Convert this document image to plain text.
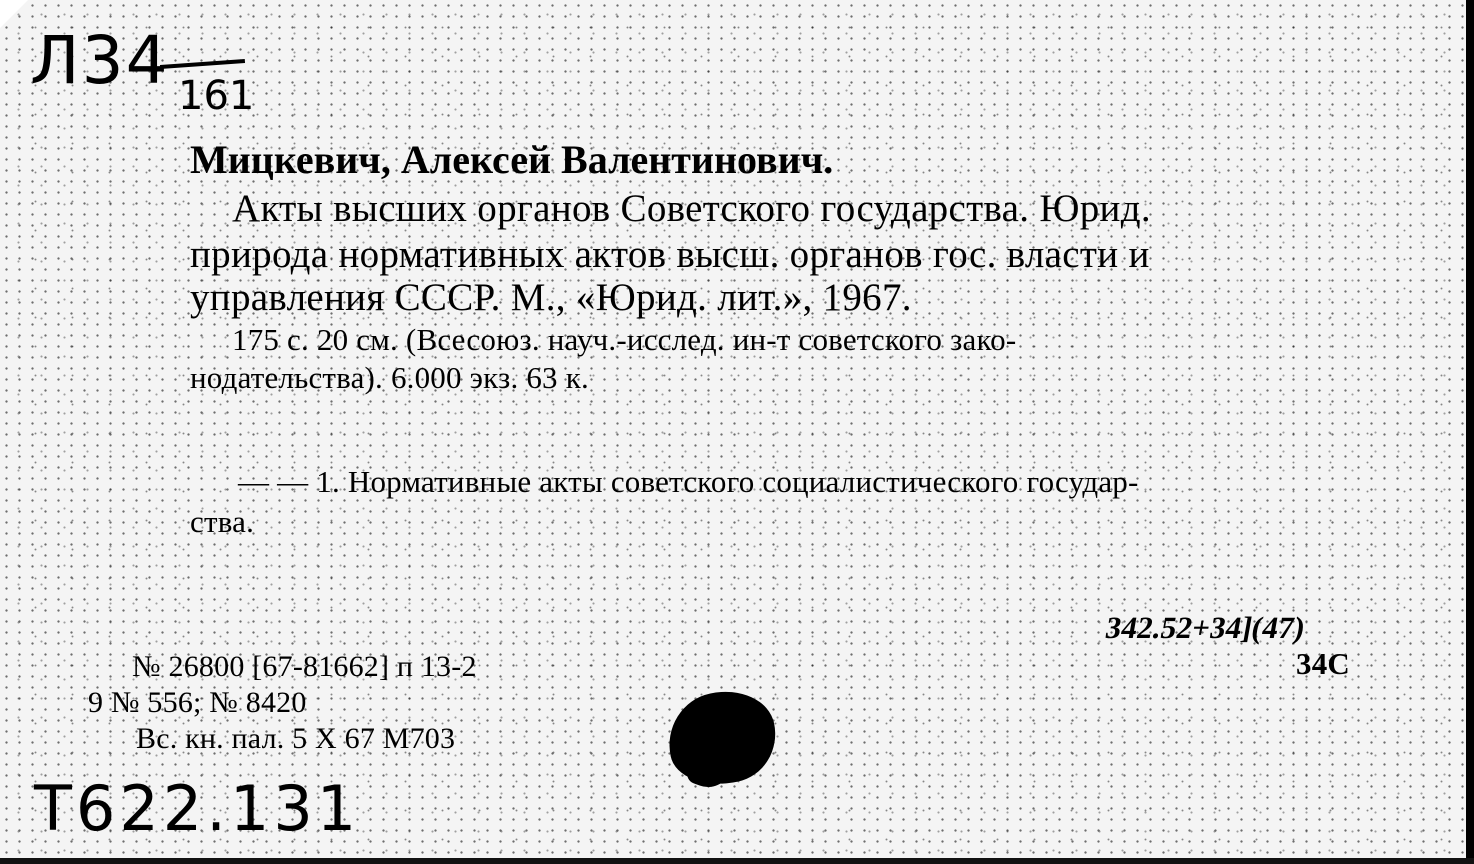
Л34 161
Мицкевич, Алексей Валентинович.
Акты высших органов Советского государства. Юрид.
природа нормативных актов высш. органов гос. власти и
управления СССР. М., «Юрид. лит.», 1967.
175 с. 20 см. (Всесоюз. науч.-исслед. ин-т советского зако-
нодательства). 6.000 экз. 63 к.
— — 1. Нормативные акты советского социалистического государ-
ства.
342.52+34](47)
34С
№ 26800 [67-81662] п 13-2
9 № 556; № 8420
Вс. кн. пал. 5 X 67 М703
Т622.131
